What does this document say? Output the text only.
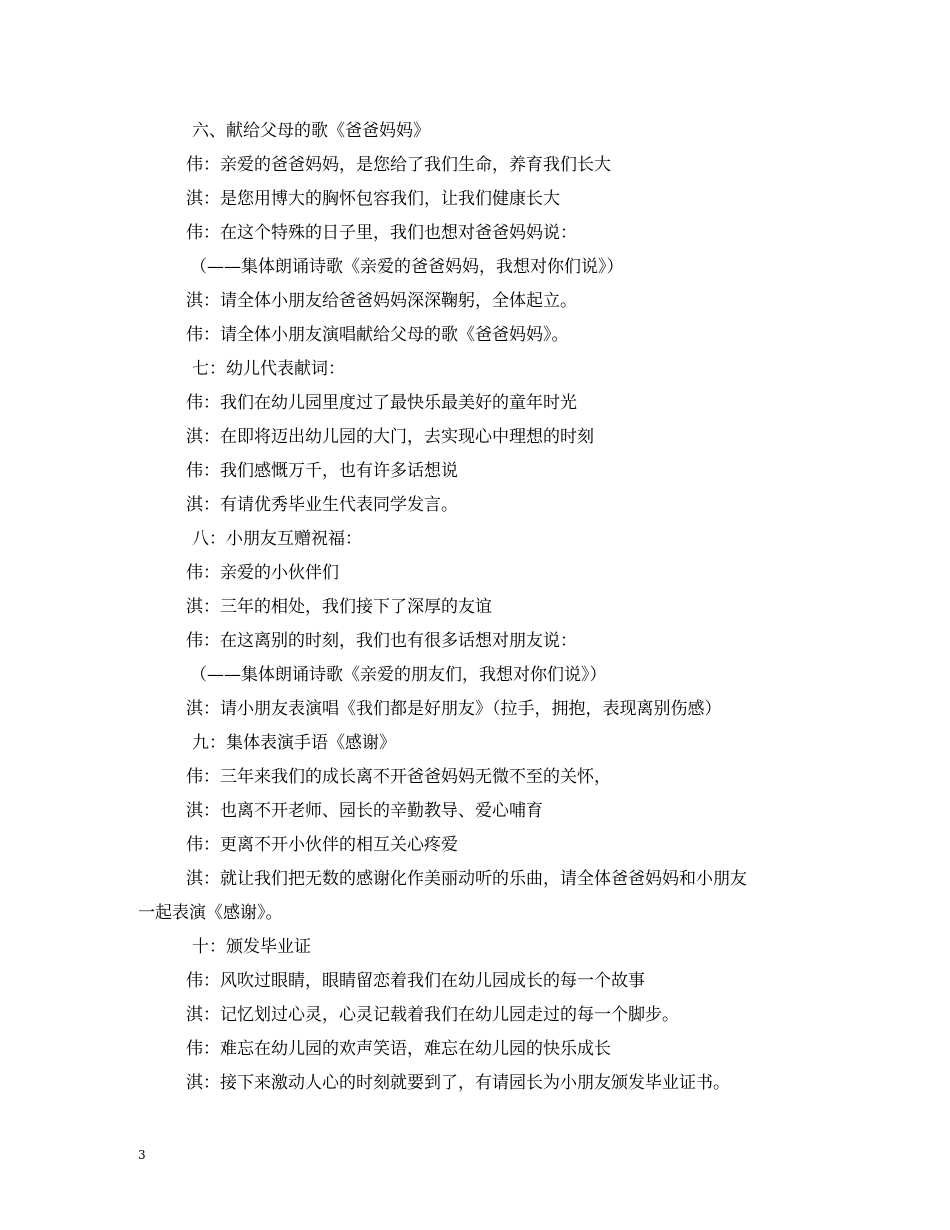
六、献给父母的歌《爸爸妈妈》
伟：亲爱的爸爸妈妈，是您给了我们生命，养育我们长大
淇：是您用博大的胸怀包容我们，让我们健康长大
伟：在这个特殊的日子里，我们也想对爸爸妈妈说：
（——集体朗诵诗歌《亲爱的爸爸妈妈，我想对你们说》）
淇：请全体小朋友给爸爸妈妈深深鞠躬，全体起立。
伟：请全体小朋友演唱献给父母的歌《爸爸妈妈》。
七：幼儿代表献词：
伟：我们在幼儿园里度过了最快乐最美好的童年时光
淇：在即将迈出幼儿园的大门，去实现心中理想的时刻
伟：我们感慨万千，也有许多话想说
淇：有请优秀毕业生代表同学发言。
八：小朋友互赠祝福：
伟：亲爱的小伙伴们
淇：三年的相处，我们接下了深厚的友谊
伟：在这离别的时刻，我们也有很多话想对朋友说：
（——集体朗诵诗歌《亲爱的朋友们，我想对你们说》）
淇：请小朋友表演唱《我们都是好朋友》（拉手，拥抱，表现离别伤感）
九：集体表演手语《感谢》
伟：三年来我们的成长离不开爸爸妈妈无微不至的关怀，
淇：也离不开老师、园长的辛勤教导、爱心哺育
伟：更离不开小伙伴的相互关心疼爱
淇：就让我们把无数的感谢化作美丽动听的乐曲，请全体爸爸妈妈和小朋友
一起表演《感谢》。
十：颁发毕业证
伟：风吹过眼睛，眼睛留恋着我们在幼儿园成长的每一个故事
淇：记忆划过心灵，心灵记载着我们在幼儿园走过的每一个脚步。
伟：难忘在幼儿园的欢声笑语，难忘在幼儿园的快乐成长
淇：接下来激动人心的时刻就要到了，有请园长为小朋友颁发毕业证书。
3
